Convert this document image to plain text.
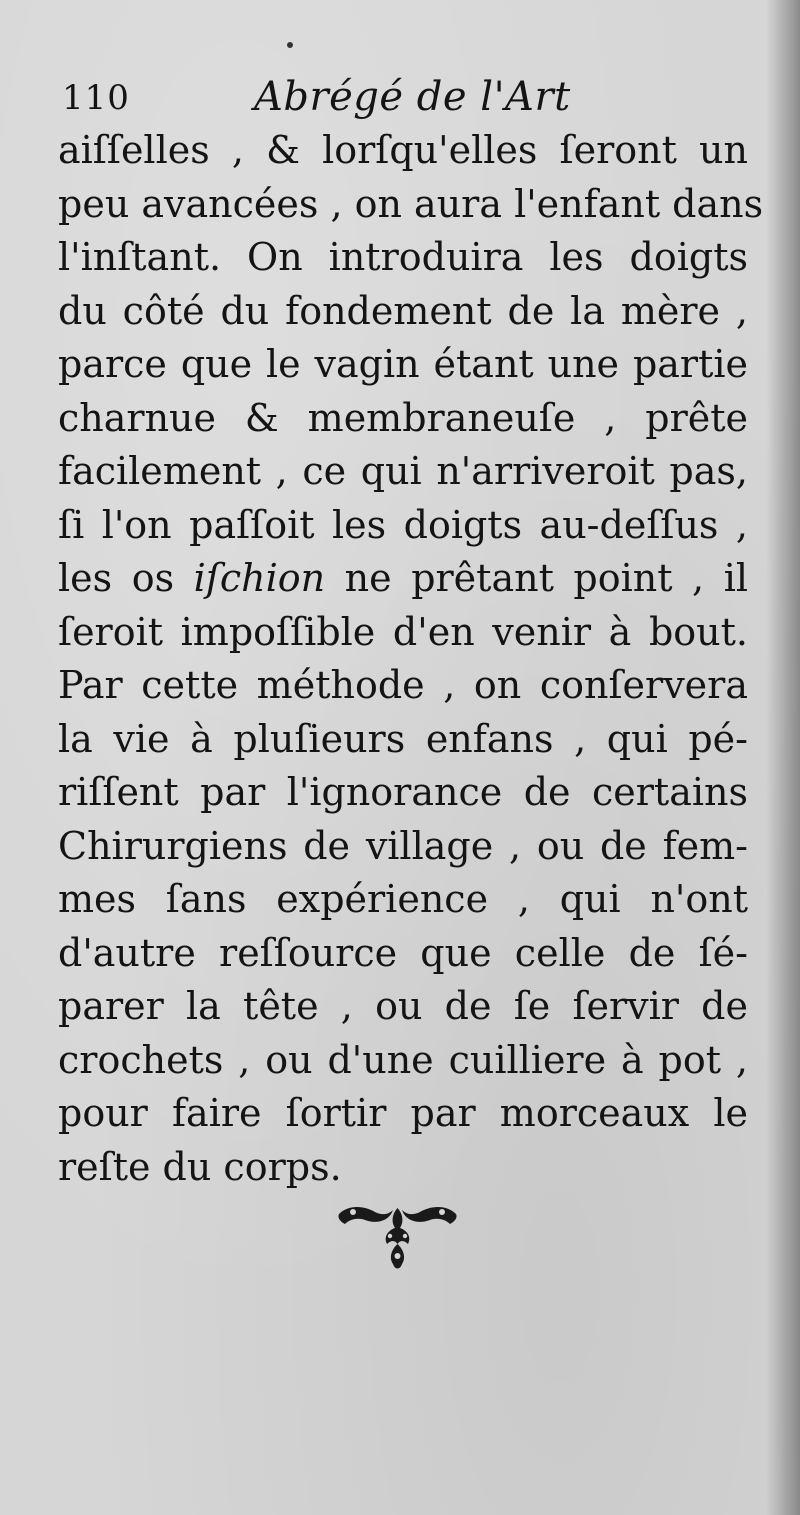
110	Abrégé de l'Art
aiſſelles , & lorſqu'elles ſeront un
peu avancées , on aura l'enfant dans
l'inſtant. On introduira les doigts
du côté du fondement de la mère ,
parce que le vagin étant une partie
charnue & membraneuſe , prête
facilement , ce qui n'arriveroit pas,
ſi l'on paſſoit les doigts au-deſſus ,
les os iſchion ne prêtant point , il
ſeroit impoſſible d'en venir à bout.
Par cette méthode , on conſervera
la vie à pluſieurs enfans , qui pé-
riſſent par l'ignorance de certains
Chirurgiens de village , ou de fem-
mes ſans expérience , qui n'ont
d'autre reſſource que celle de ſé-
parer la tête , ou de ſe ſervir de
crochets , ou d'une cuilliere à pot ,
pour faire ſortir par morceaux le
reſte du corps.
